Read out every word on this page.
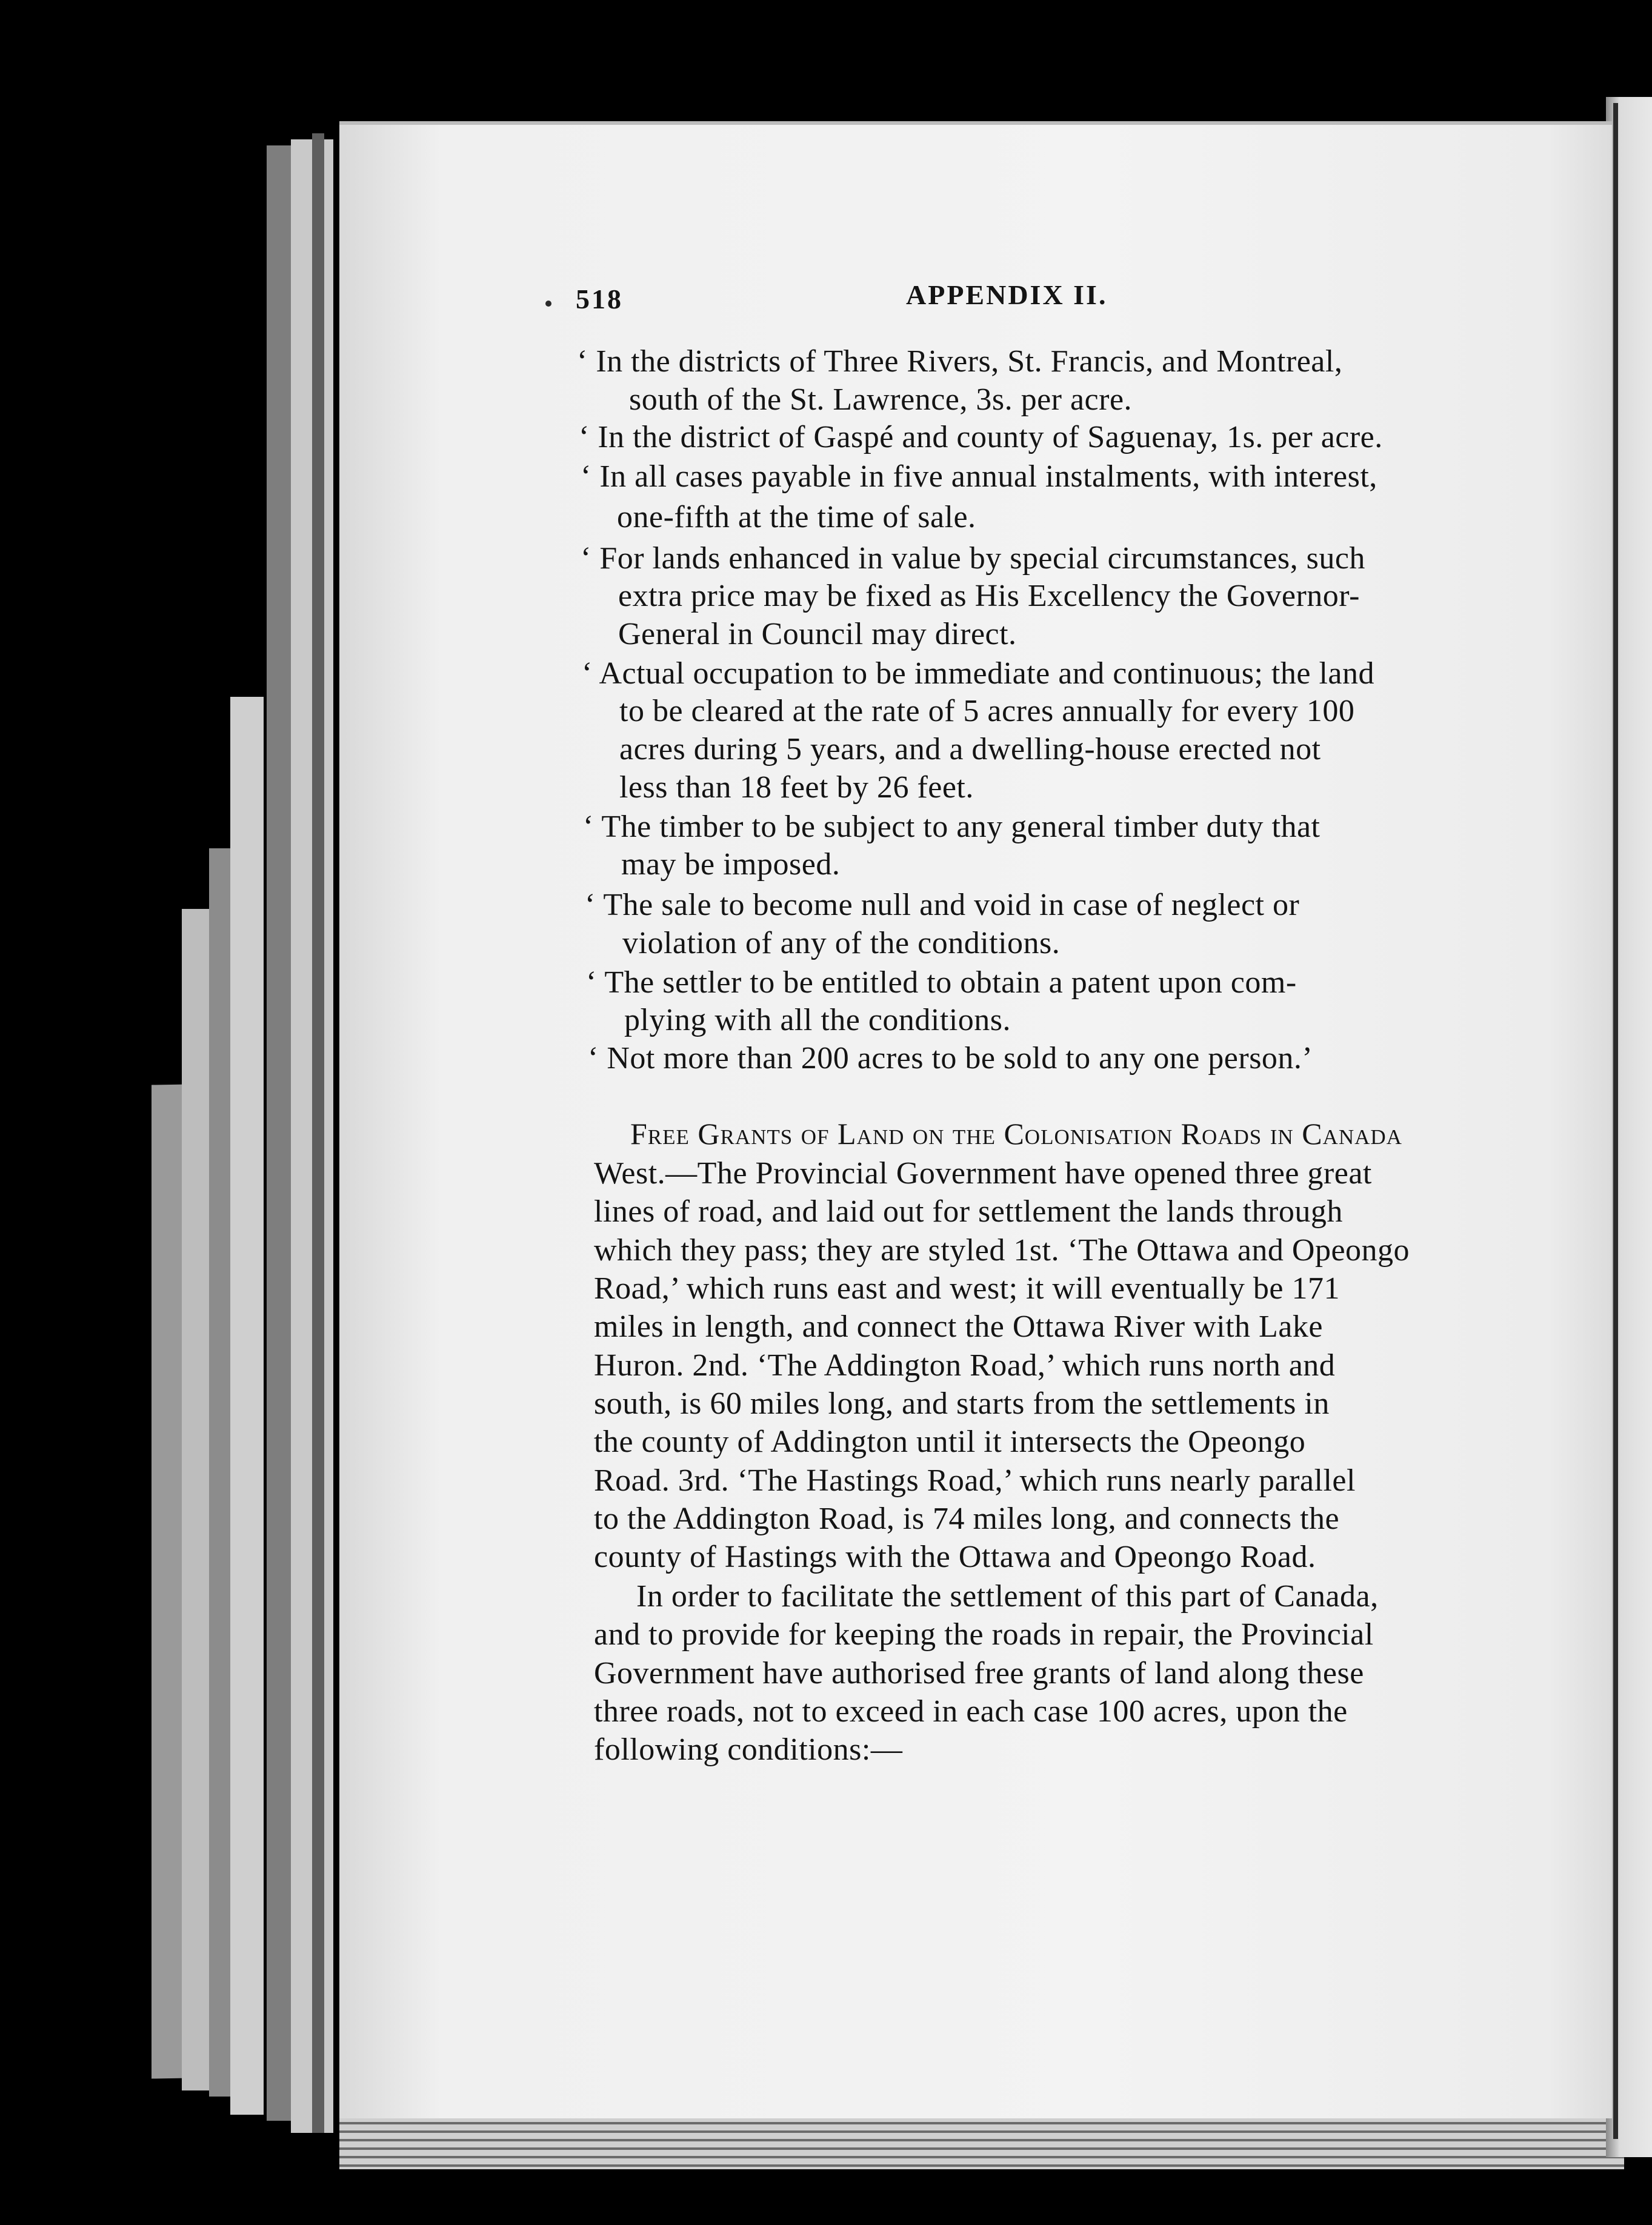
518	APPENDIX II.
‘ In the districts of Three Rivers, St. Francis, and Montreal,
south of the St. Lawrence, 3s. per acre.
‘ In the district of Gaspé and county of Saguenay, 1s. per acre.
‘ In all cases payable in five annual instalments, with interest,
one-fifth at the time of sale.
‘ For lands enhanced in value by special circumstances, such
extra price may be fixed as His Excellency the Governor-
General in Council may direct.
‘ Actual occupation to be immediate and continuous; the land
to be cleared at the rate of 5 acres annually for every 100
acres during 5 years, and a dwelling-house erected not
less than 18 feet by 26 feet.
‘ The timber to be subject to any general timber duty that
may be imposed.
‘ The sale to become null and void in case of neglect or
violation of any of the conditions.
‘ The settler to be entitled to obtain a patent upon com-
plying with all the conditions.
‘ Not more than 200 acres to be sold to any one person.’
Free Grants of Land on the Colonisation Roads in Canada
West.—The Provincial Government have opened three great
lines of road, and laid out for settlement the lands through
which they pass; they are styled 1st. ‘The Ottawa and Opeongo
Road,’ which runs east and west; it will eventually be 171
miles in length, and connect the Ottawa River with Lake
Huron. 2nd. ‘The Addington Road,’ which runs north and
south, is 60 miles long, and starts from the settlements in
the county of Addington until it intersects the Opeongo
Road. 3rd. ‘The Hastings Road,’ which runs nearly parallel
to the Addington Road, is 74 miles long, and connects the
county of Hastings with the Ottawa and Opeongo Road.
In order to facilitate the settlement of this part of Canada,
and to provide for keeping the roads in repair, the Provincial
Government have authorised free grants of land along these
three roads, not to exceed in each case 100 acres, upon the
following conditions:—
